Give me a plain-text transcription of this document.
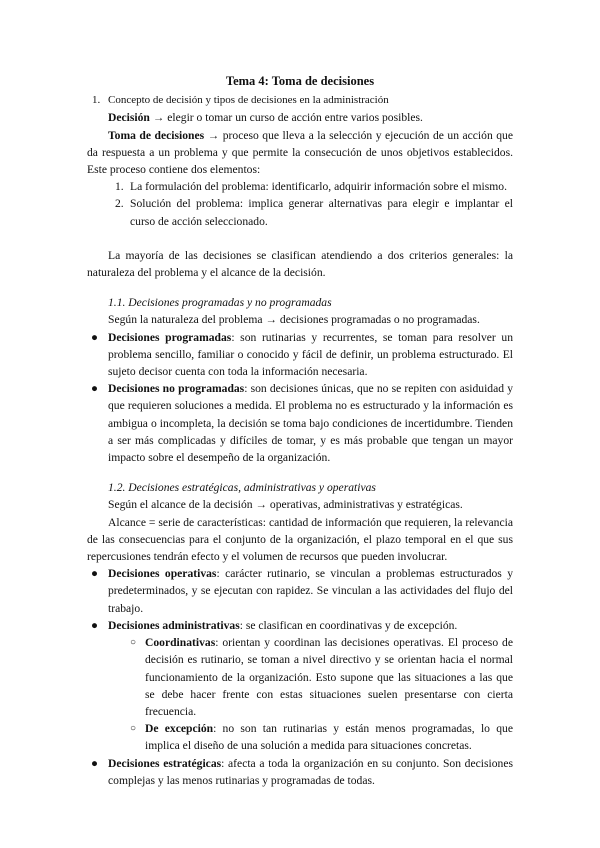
Tema 4: Toma de decisiones
1. Concepto de decisión y tipos de decisiones en la administración

Decisión → elegir o tomar un curso de acción entre varios posibles.

Toma de decisiones → proceso que lleva a la selección y ejecución de un acción que da respuesta a un problema y que permite la consecución de unos objetivos establecidos. Este proceso contiene dos elementos:

1. La formulación del problema: identificarlo, adquirir información sobre el mismo.

2. Solución del problema: implica generar alternativas para elegir e implantar el curso de acción seleccionado.

La mayoría de las decisiones se clasifican atendiendo a dos criterios generales: la naturaleza del problema y el alcance de la decisión.

1.1. Decisiones programadas y no programadas

Según la naturaleza del problema → decisiones programadas o no programadas.

● Decisiones programadas: son rutinarias y recurrentes, se toman para resolver un problema sencillo, familiar o conocido y fácil de definir, un problema estructurado. El sujeto decisor cuenta con toda la información necesaria.
● Decisiones no programadas: son decisiones únicas, que no se repiten con asiduidad y que requieren soluciones a medida. El problema no es estructurado y la información es ambigua o incompleta, la decisión se toma bajo condiciones de incertidumbre. Tienden a ser más complicadas y difíciles de tomar, y es más probable que tengan un mayor impacto sobre el desempeño de la organización.
1.2. Decisiones estratégicas, administrativas y operativas

Según el alcance de la decisión → operativas, administrativas y estratégicas.

Alcance = serie de características: cantidad de información que requieren, la relevancia de las consecuencias para el conjunto de la organización, el plazo temporal en el que sus repercusiones tendrán efecto y el volumen de recursos que pueden involucrar.

● Decisiones operativas: carácter rutinario, se vinculan a problemas estructurados y predeterminados, y se ejecutan con rapidez. Se vinculan a las actividades del flujo del trabajo.
● Decisiones administrativas: se clasifican en coordinativas y de excepción.
○ Coordinativas: orientan y coordinan las decisiones operativas. El proceso de decisión es rutinario, se toman a nivel directivo y se orientan hacia el normal funcionamiento de la organización. Esto supone que las situaciones a las que se debe hacer frente con estas situaciones suelen presentarse con cierta frecuencia.
○ De excepción: no son tan rutinarias y están menos programadas, lo que implica el diseño de una solución a medida para situaciones concretas.
● Decisiones estratégicas: afecta a toda la organización en su conjunto. Son decisiones complejas y las menos rutinarias y programadas de todas.
